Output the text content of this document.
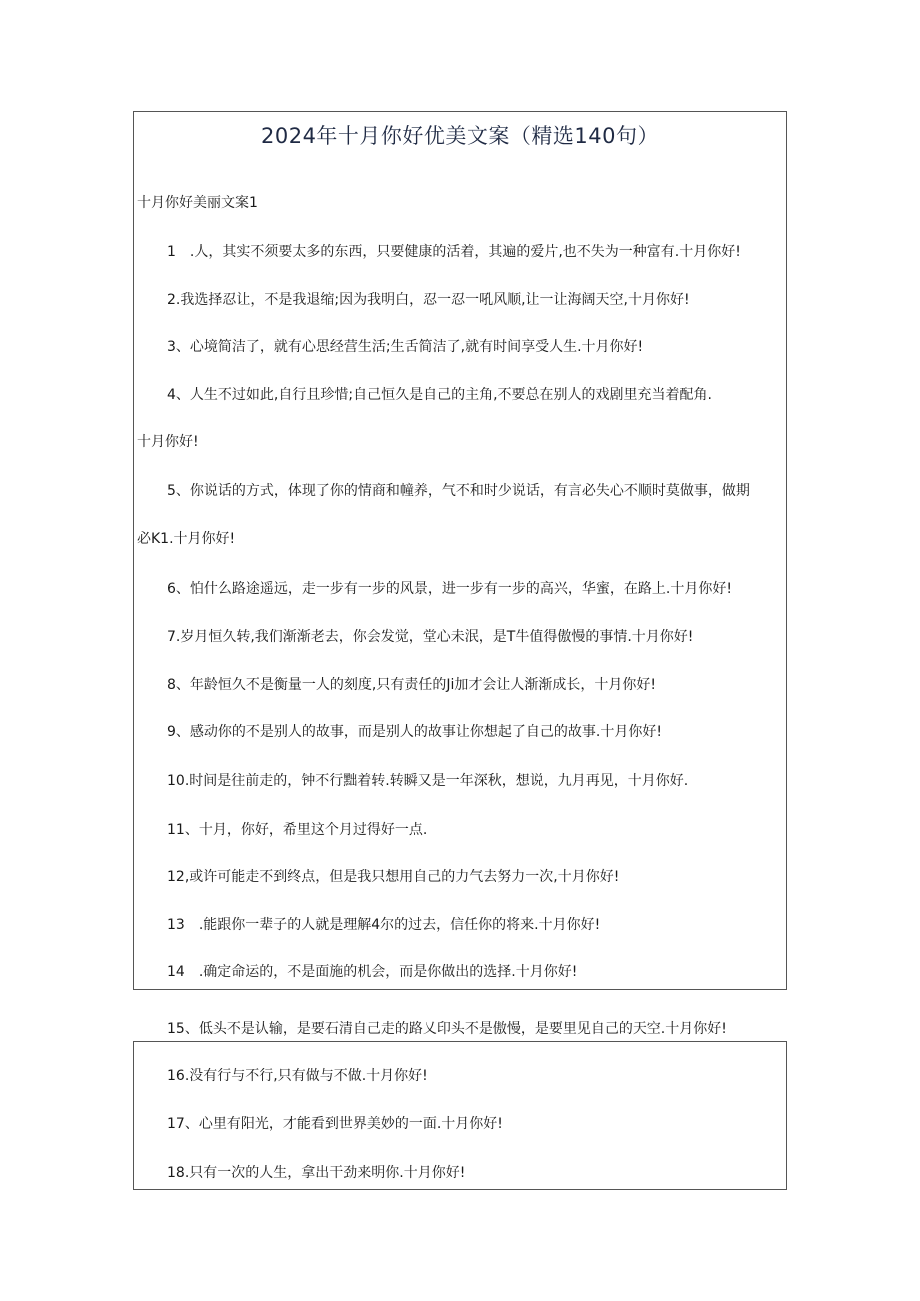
2024年十月你好优美文案（精选140句）
十月你好美丽文案1
1　.人，其实不须要太多的东西，只要健康的活着，其遍的爱片,也不失为一种富有.十月你好!
2.我选择忍让，不是我退缩;因为我明白，忍一忍一吼风顺,让一让海阔天空,十月你好!
3、心境简洁了，就有心思经营生活;生舌简洁了,就有时间享受人生.十月你好!
4、人生不过如此,自行且珍惜;自己恒久是自己的主角,不要总在别人的戏剧里充当着配角.
十月你好!
5、你说话的方式，体现了你的情商和幢养，气不和时少说话，有言必失心不顺时莫做事，做期
必K1.十月你好!
6、怕什么路途遥远，走一步有一步的风景，进一步有一步的高兴，华蜜，在路上.十月你好!
7.岁月恒久转,我们渐渐老去，你会发觉，堂心未泯，是T牛值得傲慢的事情.十月你好!
8、年龄恒久不是衡量一人的刻度,只有责任的Ji加才会让人渐渐成长，十月你好!
9、感动你的不是别人的故事，而是别人的故事让你想起了自己的故事.十月你好!
10.时间是往前走的，钟不行黜着转.转瞬又是一年深秋，想说，九月再见，十月你好.
11、十月，你好，希里这个月过得好一点.
12,或许可能走不到终点，但是我只想用自己的力气去努力一次,十月你好!
13　.能跟你一辈子的人就是理解4尔的过去，信任你的将来.十月你好!
14　.确定命运的，不是面施的机会，而是你做出的选择.十月你好!
15、低头不是认输，是要石清自己走的路乂印头不是傲慢，是要里见自己的天空.十月你好!
16.没有行与不行,只有做与不做.十月你好!
17、心里有阳光，才能看到世界美妙的一面.十月你好!
18.只有一次的人生，拿出干劲来明你.十月你好!
